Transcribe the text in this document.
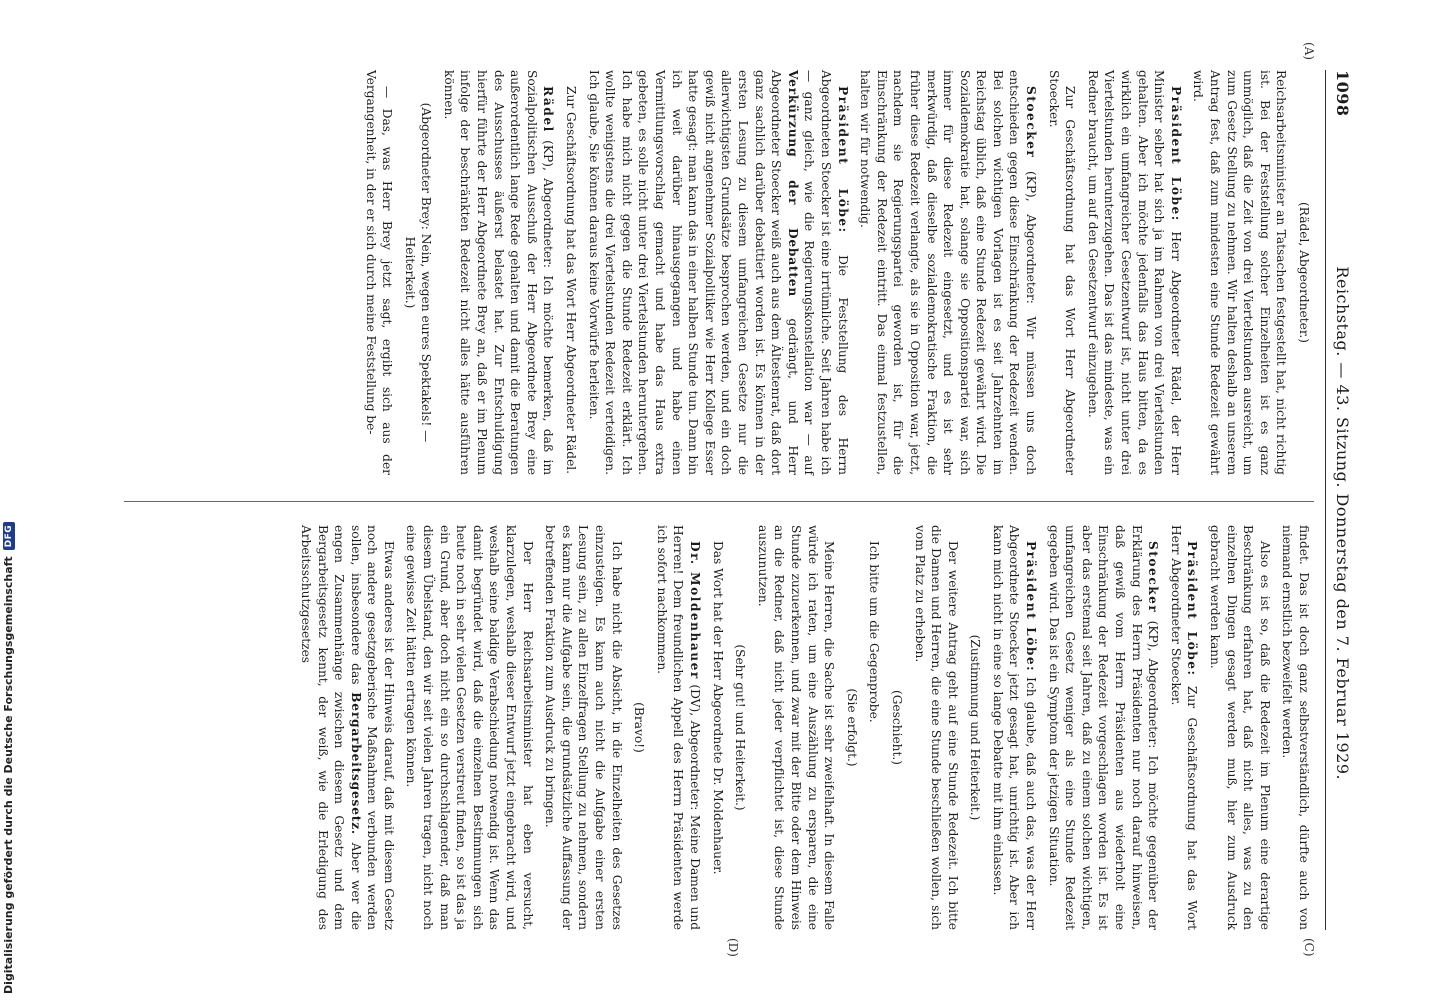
Digitalisierung gefördert durch die Deutsche Forschungsgemeinschaft
DFG
1098
Reichstag. — 43. Sitzung. Donnerstag den 7. Februar 1929.
(A)
(C)
(D)

(Rädel, Abgeordneter.)

Reichsarbeitsminister an Tatsachen festgestellt hat, nicht richtig ist. Bei der Feststellung solcher Einzelheiten ist es ganz unmöglich, daß die Zeit von drei Viertelstunden ausreicht, um zum Gesetz Stellung zu nehmen. Wir halten deshalb an unserem Antrag fest, daß zum mindesten eine Stunde Redezeit gewährt wird.

Präsident Löbe: Herr Abgeordneter Rädel, der Herr Minister selber hat sich ja im Rahmen von drei Viertelstunden gehalten. Aber ich möchte jedenfalls das Haus bitten, da es wirklich ein umfangreicher Gesetzentwurf ist, nicht unter drei Viertelstunden herunterzugehen. Das ist das mindeste, was ein Redner braucht, um auf den Gesetzentwurf einzugehen.

Zur Geschäftsordnung hat das Wort Herr Abgeordneter Stoecker.

Stoecker (KP), Abgeordneter: Wir müssen uns doch entschieden gegen diese Einschränkung der Redezeit wenden. Bei solchen wichtigen Vorlagen ist es seit Jahrzehnten im Reichstag üblich, daß eine Stunde Redezeit gewährt wird. Die Sozialdemokratie hat, solange sie Oppositionspartei war, sich immer für diese Redezeit eingesetzt, und es ist sehr merkwürdig, daß dieselbe sozialdemokratische Fraktion, die früher diese Redezeit verlangte, als sie in Opposition war, jetzt, nachdem sie Regierungspartei geworden ist, für die Einschränkung der Redezeit eintritt. Das einmal festzustellen, halten wir für notwendig.

Präsident Löbe: Die Feststellung des Herrn Abgeordneten Stoecker ist eine irrtümliche. Seit Jahren habe ich — ganz gleich, wie die Regierungskonstellation war — auf Verkürzung der Debatten gedrängt, und Herr Abgeordneter Stoecker weiß auch aus dem Ältestenrat, daß dort ganz sachlich darüber debattiert worden ist. Es können in der ersten Lesung zu diesem umfangreichen Gesetze nur die allerwichtigsten Grundsätze besprochen werden, und ein doch gewiß nicht angenehmer Sozialpolitiker wie Herr Kollege Esser hatte gesagt: man kann das in einer halben Stunde tun. Dann bin ich weit darüber hinausgegangen und habe einen Vermittlungsvorschlag gemacht und habe das Haus extra gebeten, es solle nicht unter drei Viertelstunden heruntergehen. Ich habe mich nicht gegen die Stunde Redezeit erklärt. Ich wollte wenigstens die drei Viertelstunden Redezeit verteidigen. Ich glaube, Sie können daraus keine Vorwürfe herleiten.

Zur Geschäftsordnung hat das Wort Herr Abgeordneter Rädel.

Rädel (KP), Abgeordneter: Ich möchte bemerken, daß im Sozialpolitischen Ausschuß der Herr Abgeordnete Brey eine außerordentlich lange Rede gehalten und damit die Beratungen des Ausschusses äußerst belastet hat. Zur Entschuldigung hierfür führte der Herr Abgeordnete Brey an, daß er im Plenum infolge der beschränkten Redezeit nicht alles hätte ausführen können.

(Abgeordneter Brey: Nein, wegen eures Spektakels! — Heiterkeit.)

— Das, was Herr Brey jetzt sagt, ergibt sich aus der Vergangenheit, in der er sich durch meine Feststellung be-

findet. Das ist doch ganz selbstverständlich, dürfte auch von niemand ernstlich bezweifelt werden.

Also es ist so, daß die Redezeit im Plenum eine derartige Beschränkung erfahren hat, daß nicht alles, was zu den einzelnen Dingen gesagt werden muß, hier zum Ausdruck gebracht werden kann.

Präsident Löbe: Zur Geschäftsordnung hat das Wort Herr Abgeordneter Stoecker.

Stoecker (KP), Abgeordneter: Ich möchte gegenüber der Erklärung des Herrn Präsidenten nur noch darauf hinweisen, daß gewiß vom Herrn Präsidenten aus wiederholt eine Einschränkung der Redezeit vorgeschlagen worden ist. Es ist aber das erstemal seit Jahren, daß zu einem solchen wichtigen, umfangreichen Gesetz weniger als eine Stunde Redezeit gegeben wird. Das ist ein Symptom der jetzigen Situation.

Präsident Löbe: Ich glaube, daß auch das, was der Herr Abgeordnete Stoecker jetzt gesagt hat, unrichtig ist. Aber ich kann mich nicht in eine so lange Debatte mit ihm einlassen.

(Zustimmung und Heiterkeit.)

Der weitere Antrag geht auf eine Stunde Redezeit. Ich bitte die Damen und Herren, die eine Stunde beschließen wollen, sich vom Platz zu erheben.

(Geschieht.)

Ich bitte um die Gegenprobe.

(Sie erfolgt.)

Meine Herren, die Sache ist sehr zweifelhaft. In diesem Falle würde ich raten, um eine Auszählung zu ersparen, die eine Stunde zuzuerkennen, und zwar mit der Bitte oder dem Hinweis an die Redner, daß nicht jeder verpflichtet ist, diese Stunde auszunutzen.

(Sehr gut! und Heiterkeit.)

Das Wort hat der Herr Abgeordnete Dr. Moldenhauer.

Dr. Moldenhauer (DV), Abgeordneter: Meine Damen und Herren! Dem freundlichen Appell des Herrn Präsidenten werde ich sofort nachkommen.

(Bravo!)

Ich habe nicht die Absicht, in die Einzelheiten des Gesetzes einzusteigen. Es kann auch nicht die Aufgabe einer ersten Lesung sein, zu allen Einzelfragen Stellung zu nehmen, sondern es kann nur die Aufgabe sein, die grundsätzliche Auffassung der betreffenden Fraktion zum Ausdruck zu bringen.

Der Herr Reichsarbeitsminister hat eben versucht, klarzulegen, weshalb dieser Entwurf jetzt eingebracht wird, und weshalb seine baldige Verabschiedung notwendig ist. Wenn das damit begründet wird, daß die einzelnen Bestimmungen sich heute noch in sehr vielen Gesetzen verstreut finden, so ist das ja ein Grund, aber doch nicht ein so durchschlagender, daß man diesem Übelstand, den wir seit vielen Jahren tragen, nicht noch eine gewisse Zeit hätten ertragen können.

Etwas anderes ist der Hinweis darauf, daß mit diesem Gesetz noch andere gesetzgeberische Maßnahmen verbunden werden sollen, insbesondere das Bergarbeitsgesetz. Aber wer die engen Zusammenhänge zwischen diesem Gesetz und dem Bergarbeitsgesetz kennt, der weiß, wie die Erledigung des Arbeitsschutzgesetzes
